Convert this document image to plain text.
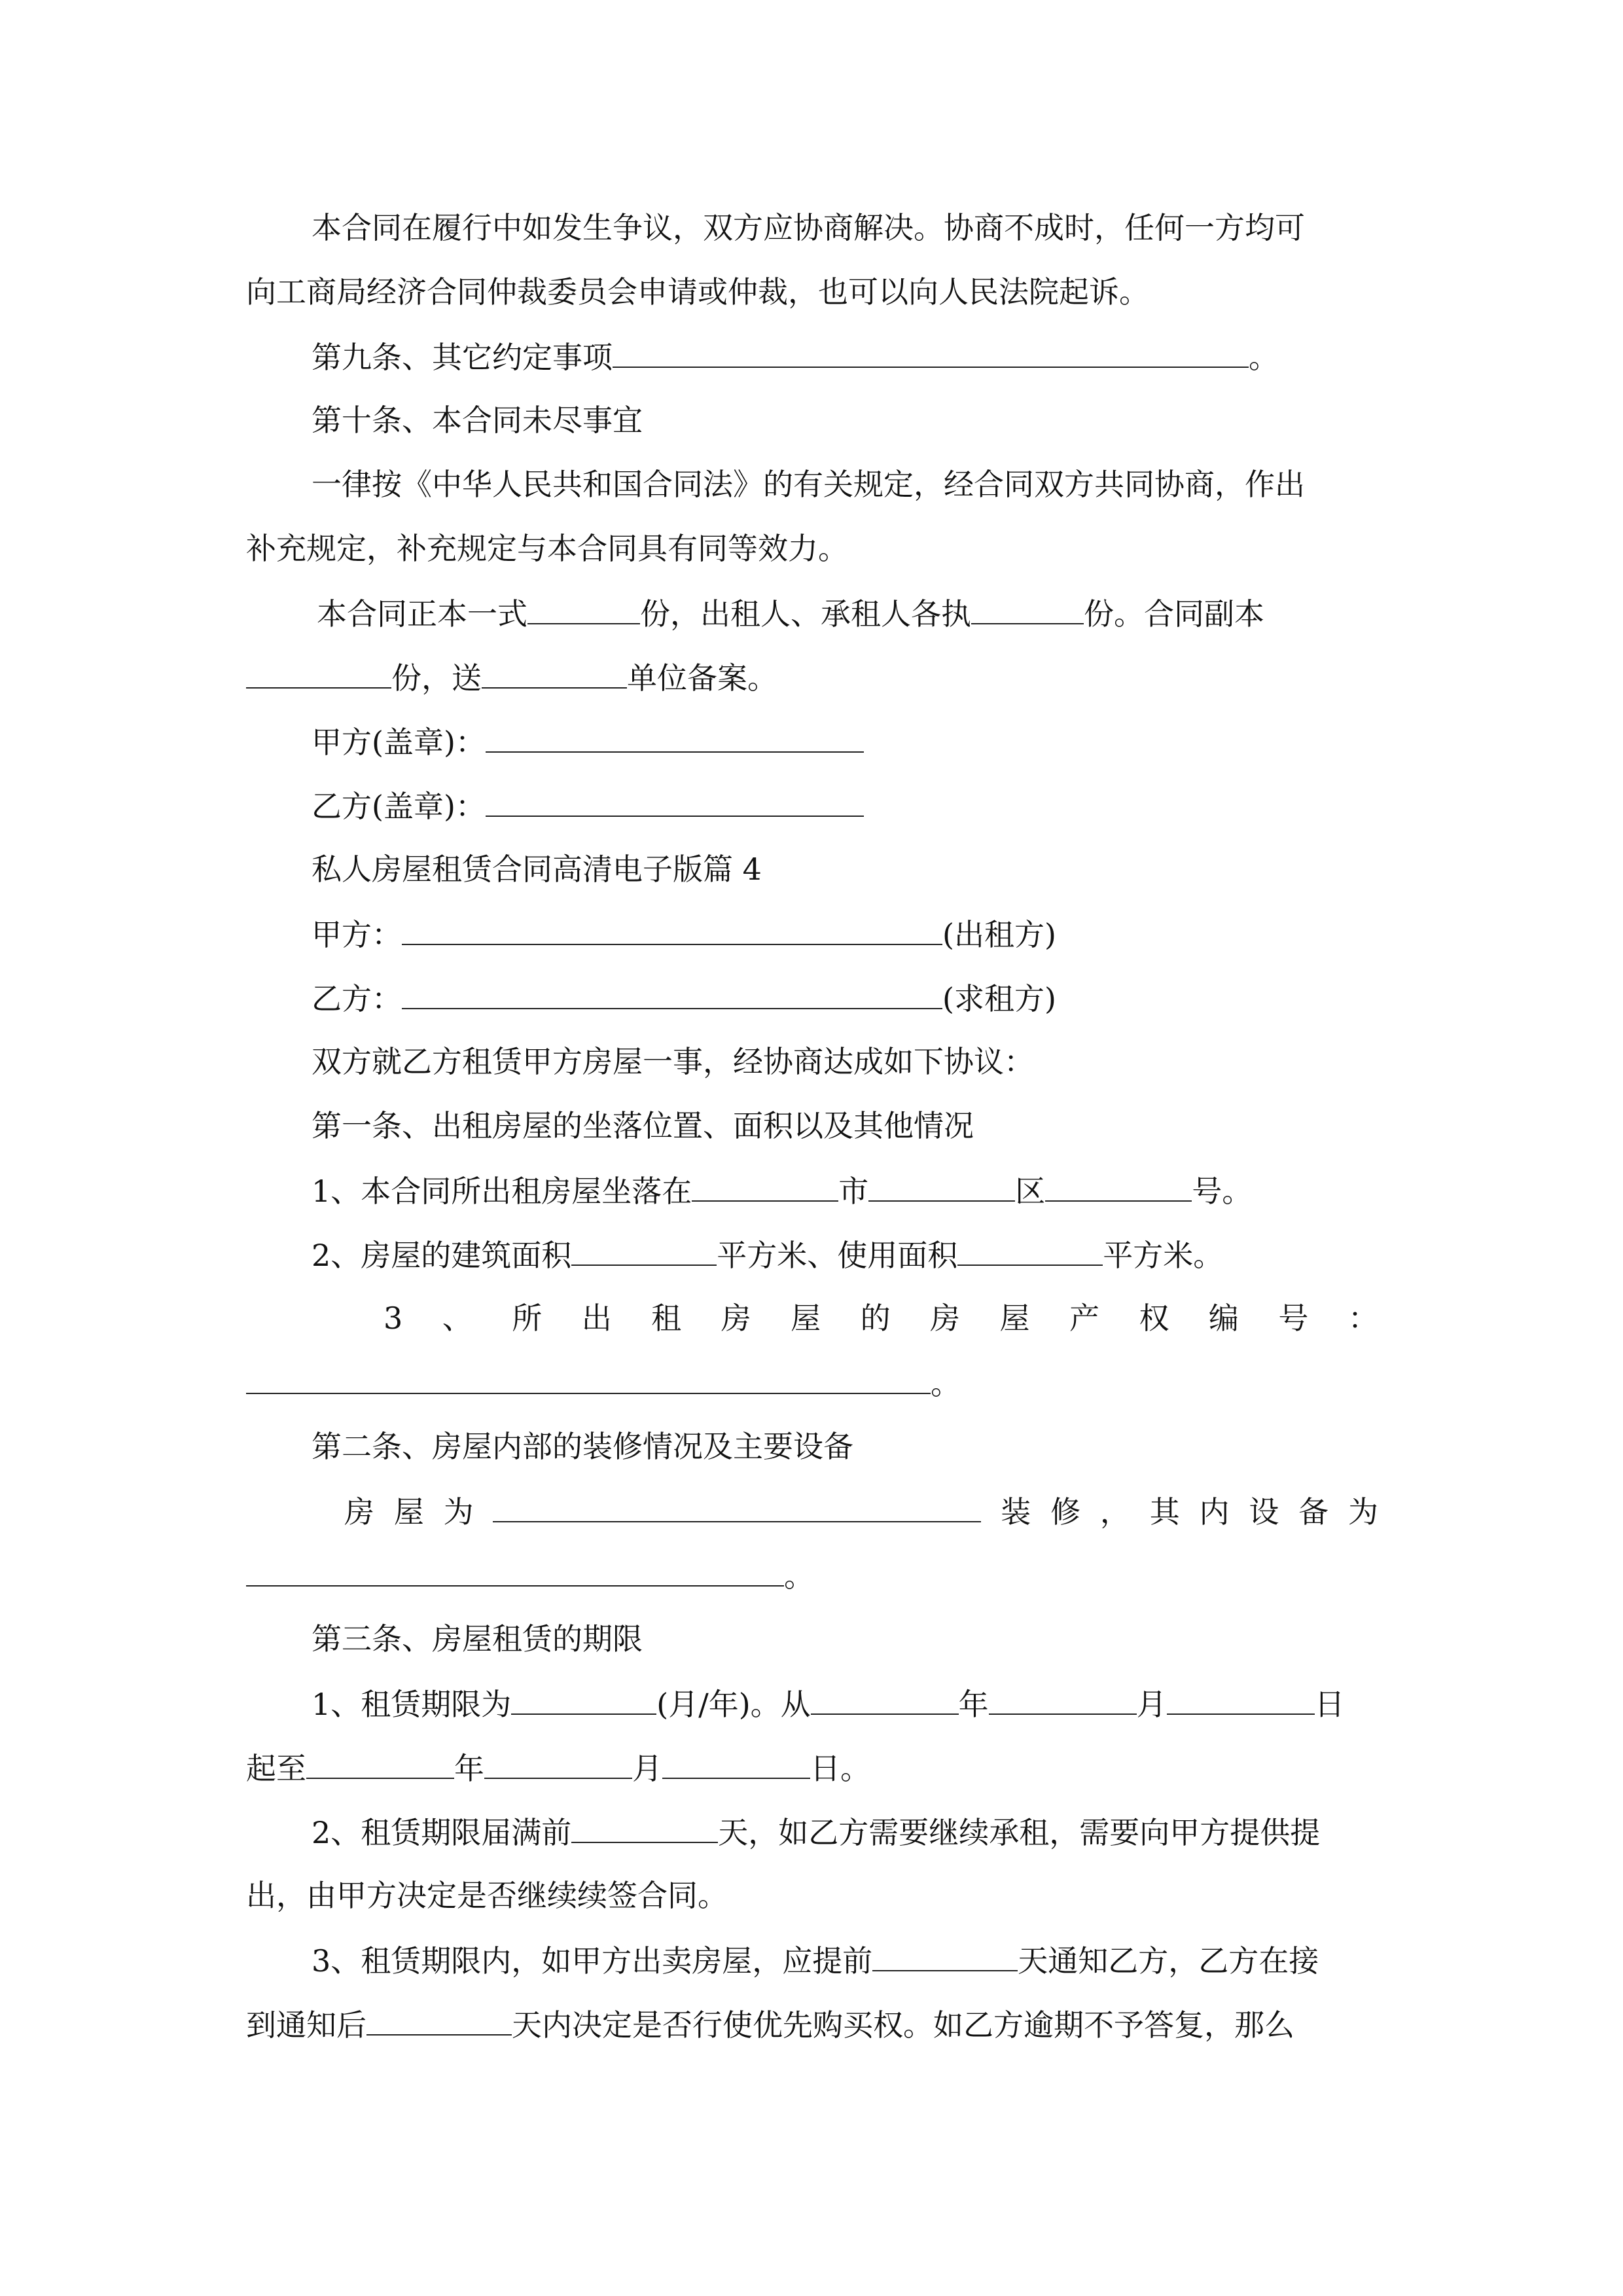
本合同在履行中如发生争议，双方应协商解决。协商不成时，任何一方均可
向工商局经济合同仲裁委员会申请或仲裁，也可以向人民法院起诉。
第九条、其它约定事项	。
第十条、本合同未尽事宜
一律按《中华人民共和国合同法》的有关规定，经合同双方共同协商，作出
补充规定，补充规定与本合同具有同等效力。
本合同正本一式	份，出租人、承租人各执	份。合同副本
份，送	单位备案。
甲方(盖章)：
乙方(盖章)：
私人房屋租赁合同高清电子版篇 4
甲方：	(出租方)
乙方：	(求租方)
双方就乙方租赁甲方房屋一事，经协商达成如下协议：
第一条、出租房屋的坐落位置、面积以及其他情况
1、本合同所出租房屋坐落在	市	区	号。
2、房屋的建筑面积	平方米、使用面积	平方米。
3 、 所 出 租 房 屋 的 房 屋 产 权 编 号 ：
。
第二条、房屋内部的装修情况及主要设备
房 屋 为	装 修 ， 其 内 设 备 为
。
第三条、房屋租赁的期限
1、租赁期限为	(月/年)。从	年	月	日
起至	年	月	日。
2、租赁期限届满前	天，如乙方需要继续承租，需要向甲方提供提
出，由甲方决定是否继续续签合同。
3、租赁期限内，如甲方出卖房屋，应提前	天通知乙方，乙方在接
到通知后	天内决定是否行使优先购买权。如乙方逾期不予答复，那么
